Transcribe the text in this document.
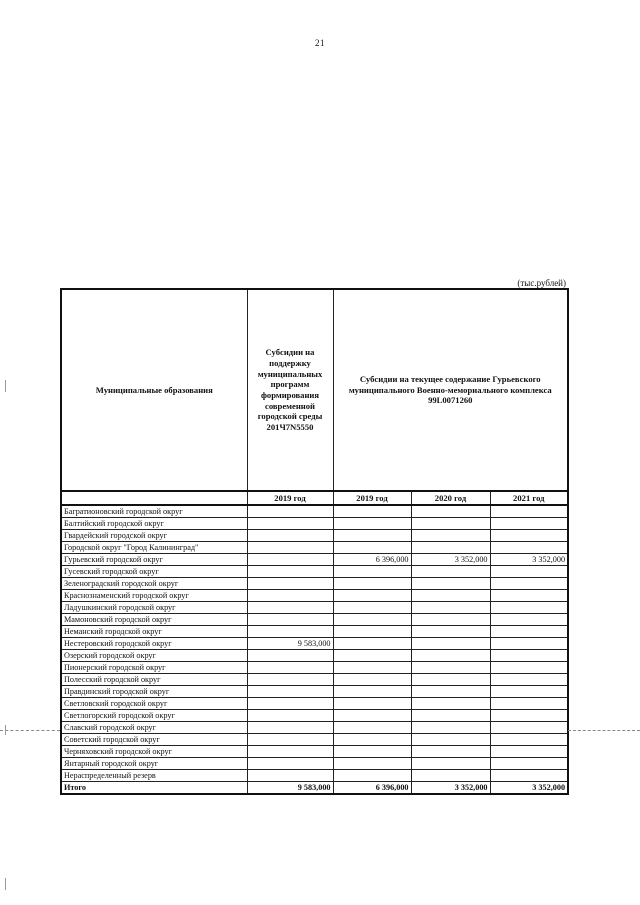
21
(тыс.рублей)
Муниципальные образования	Субсидии на поддержку муниципальных программ формирования современной городской среды 201Ч7N5550	Субсидии на текущее содержание Гурьевского муниципального Военно-мемориального комплекса 99L0071260		
	2019 год	2019 год	2020 год	2021 год
Багратионовский городской округ				
Балтийский городской округ				
Гвардейский городской округ				
Городской округ "Город Калининград"				
Гурьевский городской округ		6 396,000	3 352,000	3 352,000
Гусевский городской округ				
Зеленоградский городской округ				
Краснознаменский городской округ				
Ладушкинский городской округ				
Мамоновский городской округ				
Неманский городской округ				
Нестеровский городской округ	9 583,000			
Озерский городской округ				
Пионерский городской округ				
Полесский городской округ				
Правдинский городской округ				
Светловский городской округ				
Светлогорский городской округ				
Славский городской округ				
Советский городской округ				
Черняховский городской округ				
Янтарный городской округ				
Нераспределенный резерв				
Итого	9 583,000	6 396,000	3 352,000	3 352,000
